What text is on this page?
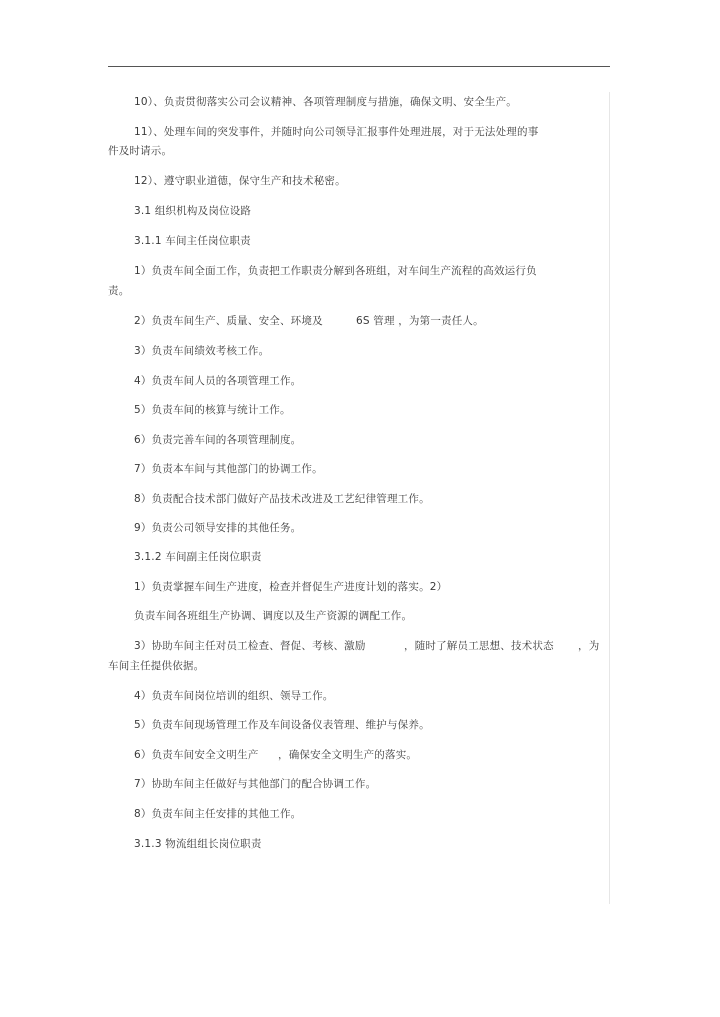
10）、负责贯彻落实公司会议精神、各项管理制度与措施，确保文明、安全生产。
11）、处理车间的突发事件，并随时向公司领导汇报事件处理进展，对于无法处理的事
件及时请示。
12）、遵守职业道德，保守生产和技术秘密。
3.1 组织机构及岗位设路
3.1.1 车间主任岗位职责
1）负责车间全面工作，负责把工作职责分解到各班组，对车间生产流程的高效运行负
责。
2）负责车间生产、质量、安全、环境及	6S 管理 ，为第一责任人。
3）负责车间绩效考核工作。
4）负责车间人员的各项管理工作。
5）负责车间的核算与统计工作。
6）负责完善车间的各项管理制度。
7）负责本车间与其他部门的协调工作。
8）负责配合技术部门做好产品技术改进及工艺纪律管理工作。
9）负责公司领导安排的其他任务。
3.1.2 车间副主任岗位职责
1）负责掌握车间生产进度，检查并督促生产进度计划的落实。2）
负责车间各班组生产协调、调度以及生产资源的调配工作。
3）协助车间主任对员工检查、督促、考核、激励	，随时了解员工思想、技术状态 ，为
车间主任提供依据。
4）负责车间岗位培训的组织、领导工作。
5）负责车间现场管理工作及车间设备仪表管理、维护与保养。
6）负责车间安全文明生产 ，确保安全文明生产的落实。
7）协助车间主任做好与其他部门的配合协调工作。
8）负责车间主任安排的其他工作。
3.1.3 物流组组长岗位职责
